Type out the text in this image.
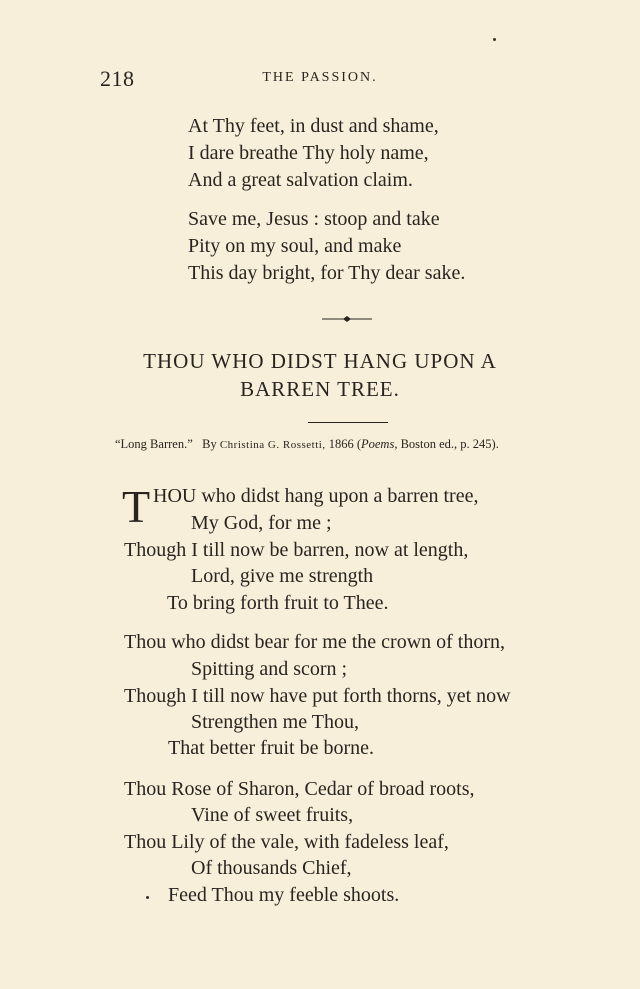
218	THE PASSION.
At Thy feet, in dust and shame,
I dare breathe Thy holy name,
And a great salvation claim.
Save me, Jesus : stoop and take
Pity on my soul, and make
This day bright, for Thy dear sake.
THOU WHO DIDST HANG UPON A
BARREN TREE.
“Long Barren.” By Christina G. Rossetti, 1866 (Poems, Boston ed., p. 245).
T HOU who didst hang upon a barren tree,
My God, for me ;
Though I till now be barren, now at length,
Lord, give me strength
To bring forth fruit to Thee.
Thou who didst bear for me the crown of thorn,
Spitting and scorn ;
Though I till now have put forth thorns, yet now
Strengthen me Thou,
That better fruit be borne.
Thou Rose of Sharon, Cedar of broad roots,
Vine of sweet fruits,
Thou Lily of the vale, with fadeless leaf,
Of thousands Chief,
Feed Thou my feeble shoots.
